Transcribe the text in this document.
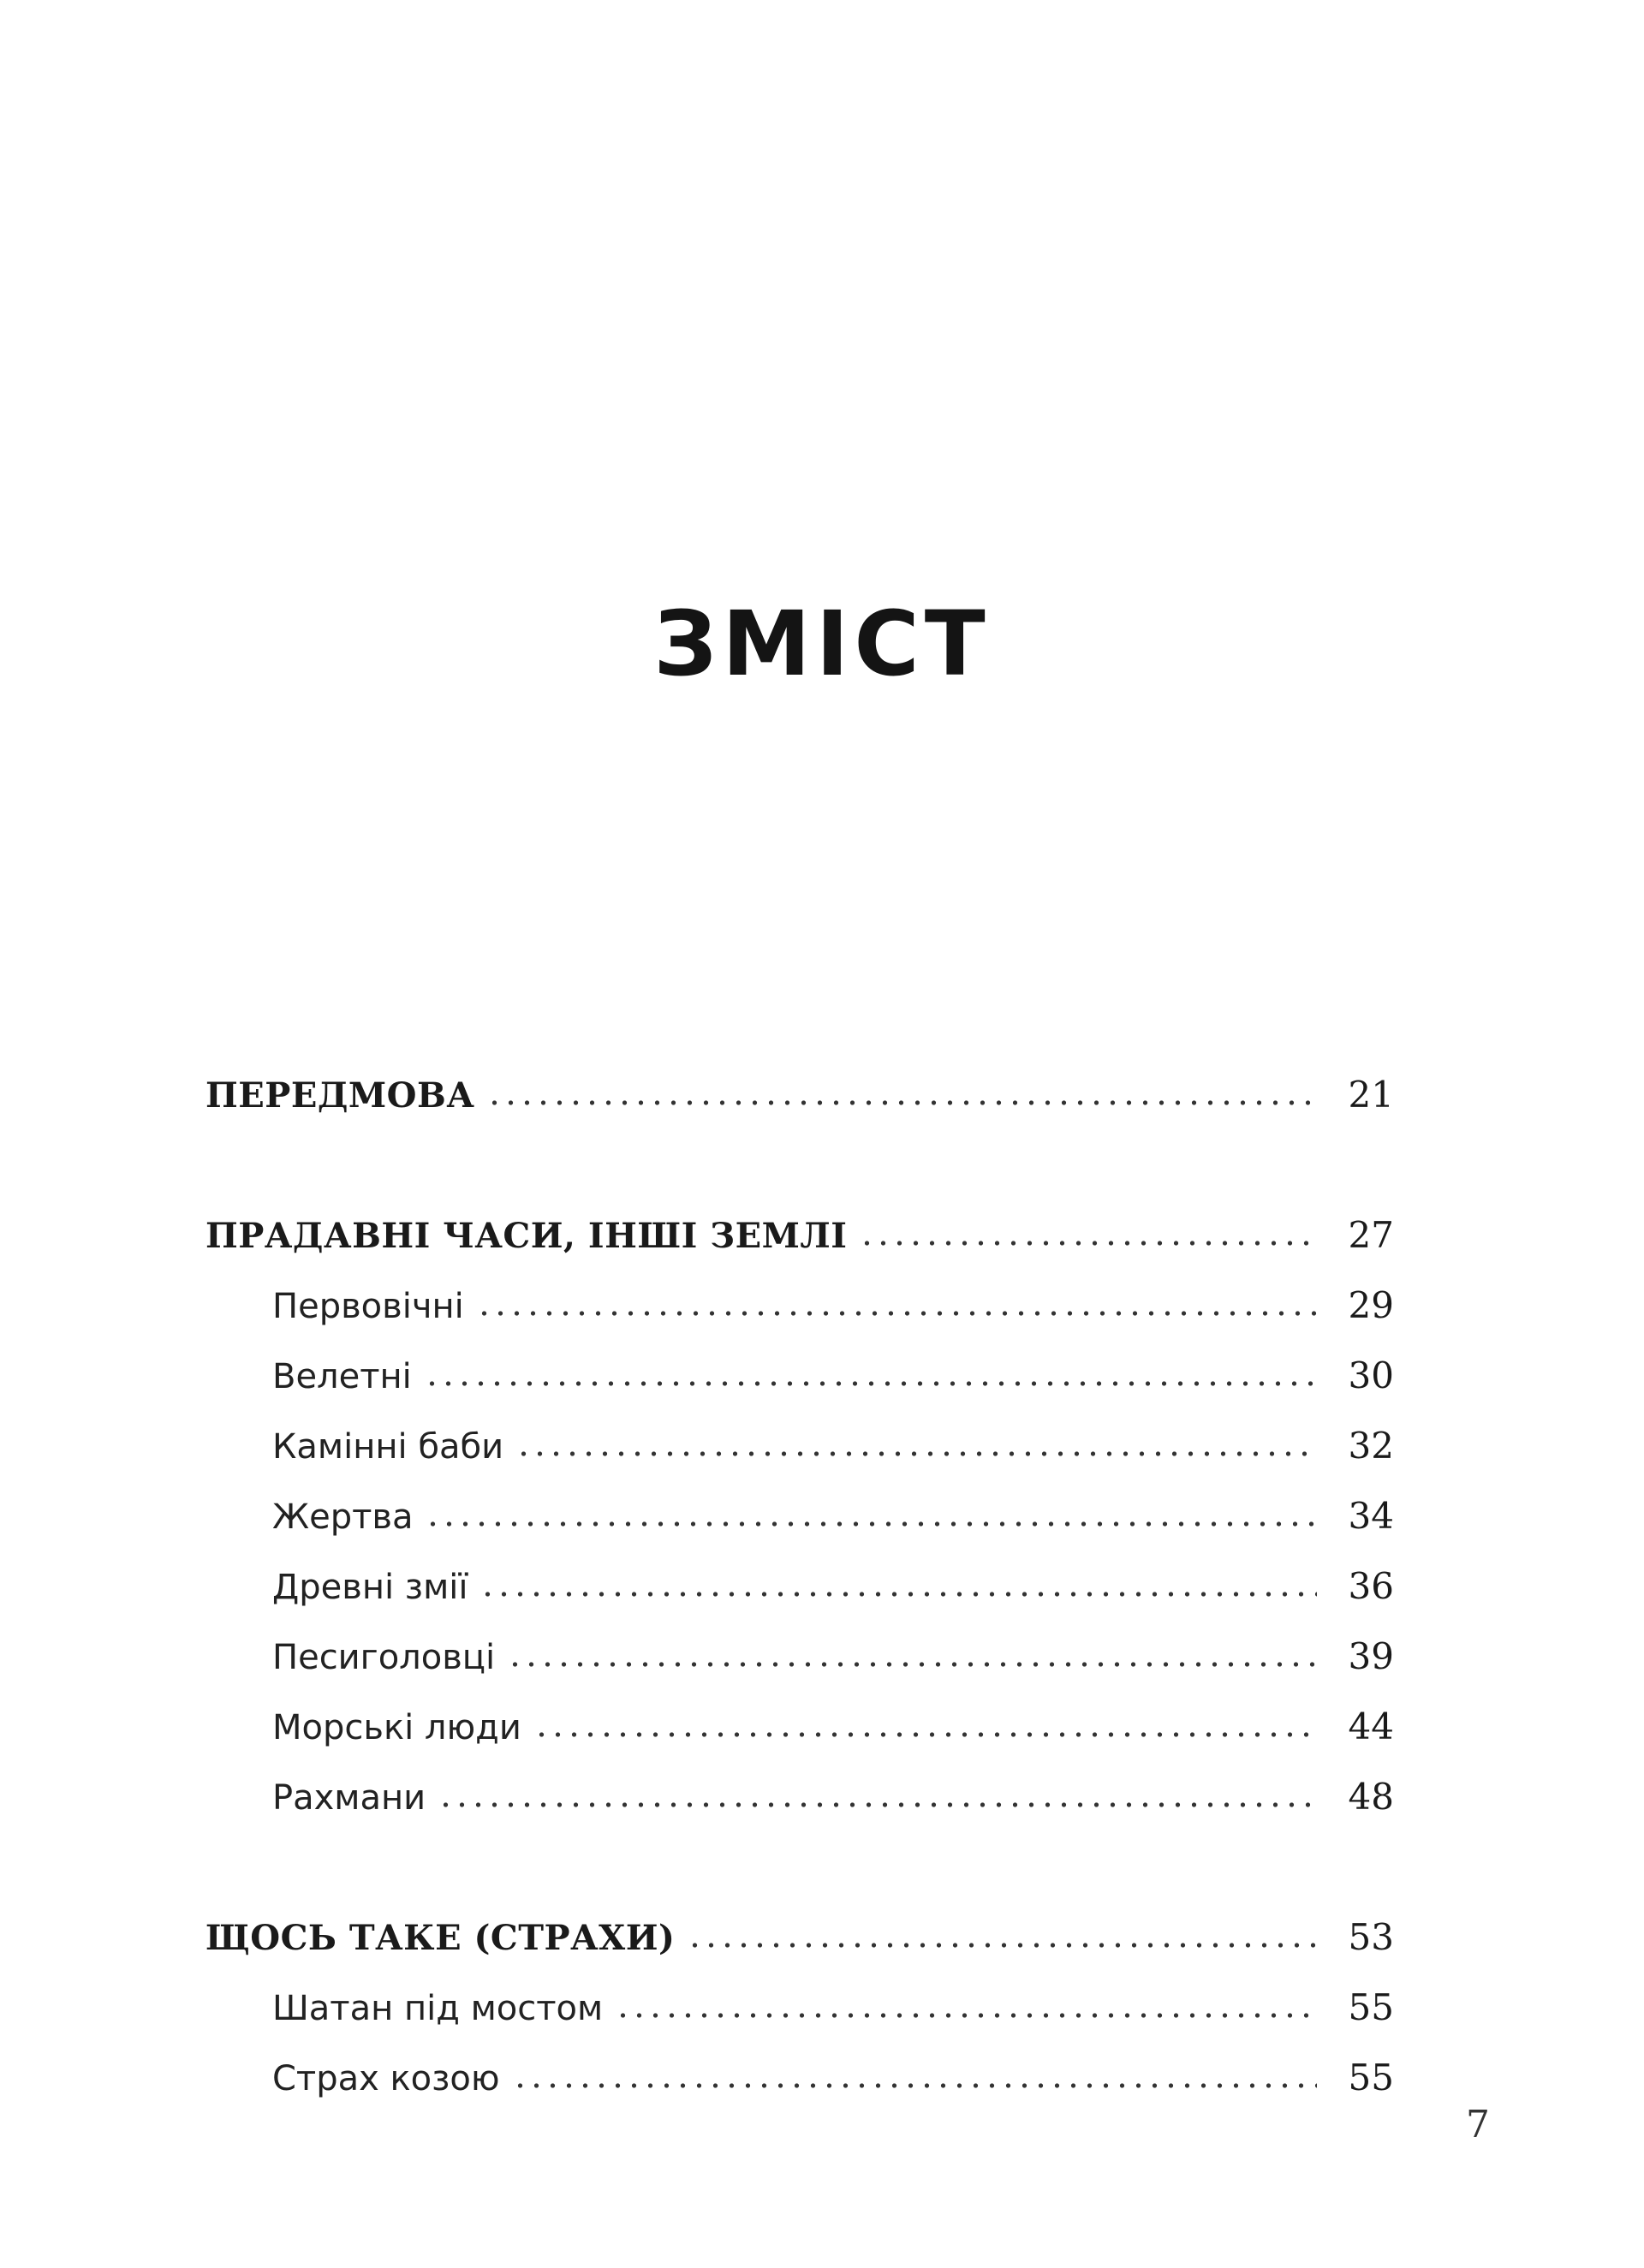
ЗМІСТ
ПЕРЕДМОВА	21
ПРАДАВНІ ЧАСИ, ІНШІ ЗЕМЛІ	27
Первовічні	29
Велетні	30
Камінні баби	32
Жертва	34
Древні змії	36
Песиголовці	39
Морські люди	44
Рахмани	48
ЩОСЬ ТАКЕ (СТРАХИ)	53
Шатан під мостом	55
Страх козою	55
7
